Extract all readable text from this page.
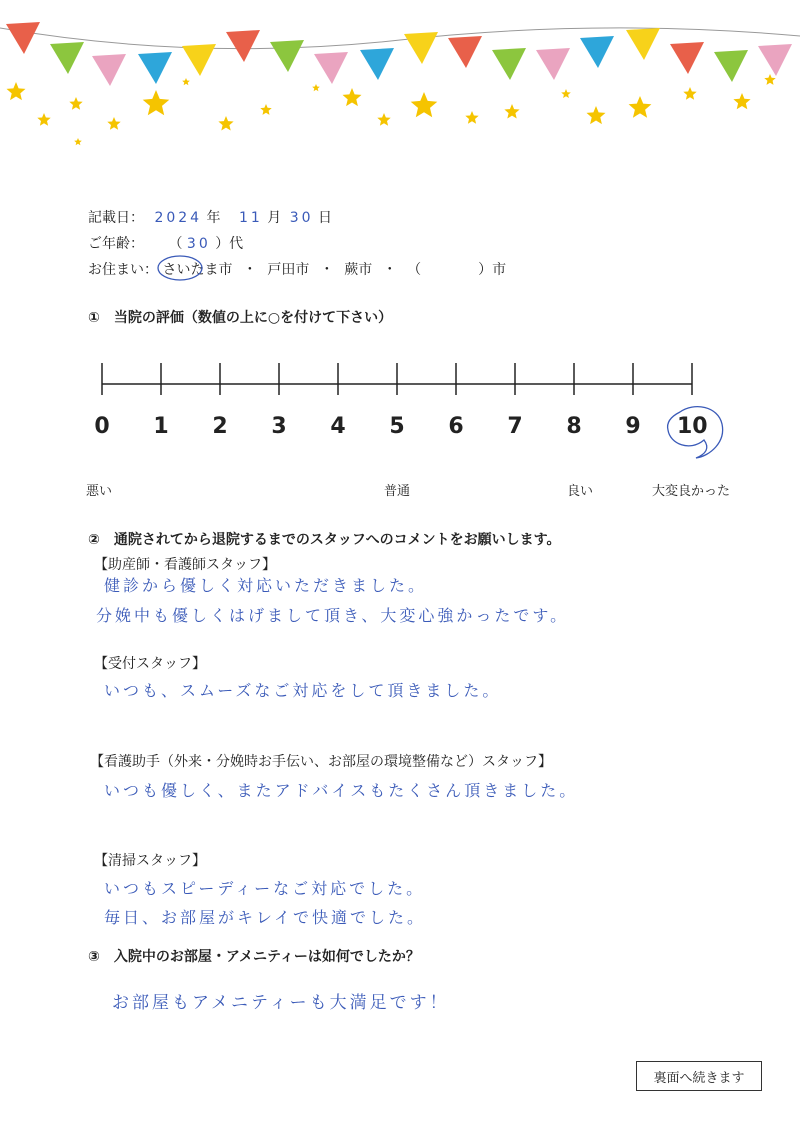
記載日： 2024 年 11 月 30 日
ご年齢： （ 30 ）代
お住まい： さいたま市 ・ 戸田市 ・ 蕨市 ・ （	）市
①　当院の評価（数値の上に○を付けて下さい）
0	1	2	3	4	5	6	7	8	9	10
悪い	普通	良い	大変良かった
②　通院されてから退院するまでのスタッフへのコメントをお願いします。
【助産師・看護師スタッフ】
健診から優しく対応いただきました。
分娩中も優しくはげまして頂き、大変心強かったです。
【受付スタッフ】
いつも、スムーズなご対応をして頂きました。
【看護助手（外来・分娩時お手伝い、お部屋の環境整備など）スタッフ】
いつも優しく、またアドバイスもたくさん頂きました。
【清掃スタッフ】
いつもスピーディーなご対応でした。
毎日、お部屋がキレイで快適でした。
③　入院中のお部屋・アメニティーは如何でしたか？
お部屋もアメニティーも大満足です！
裏面へ続きます
